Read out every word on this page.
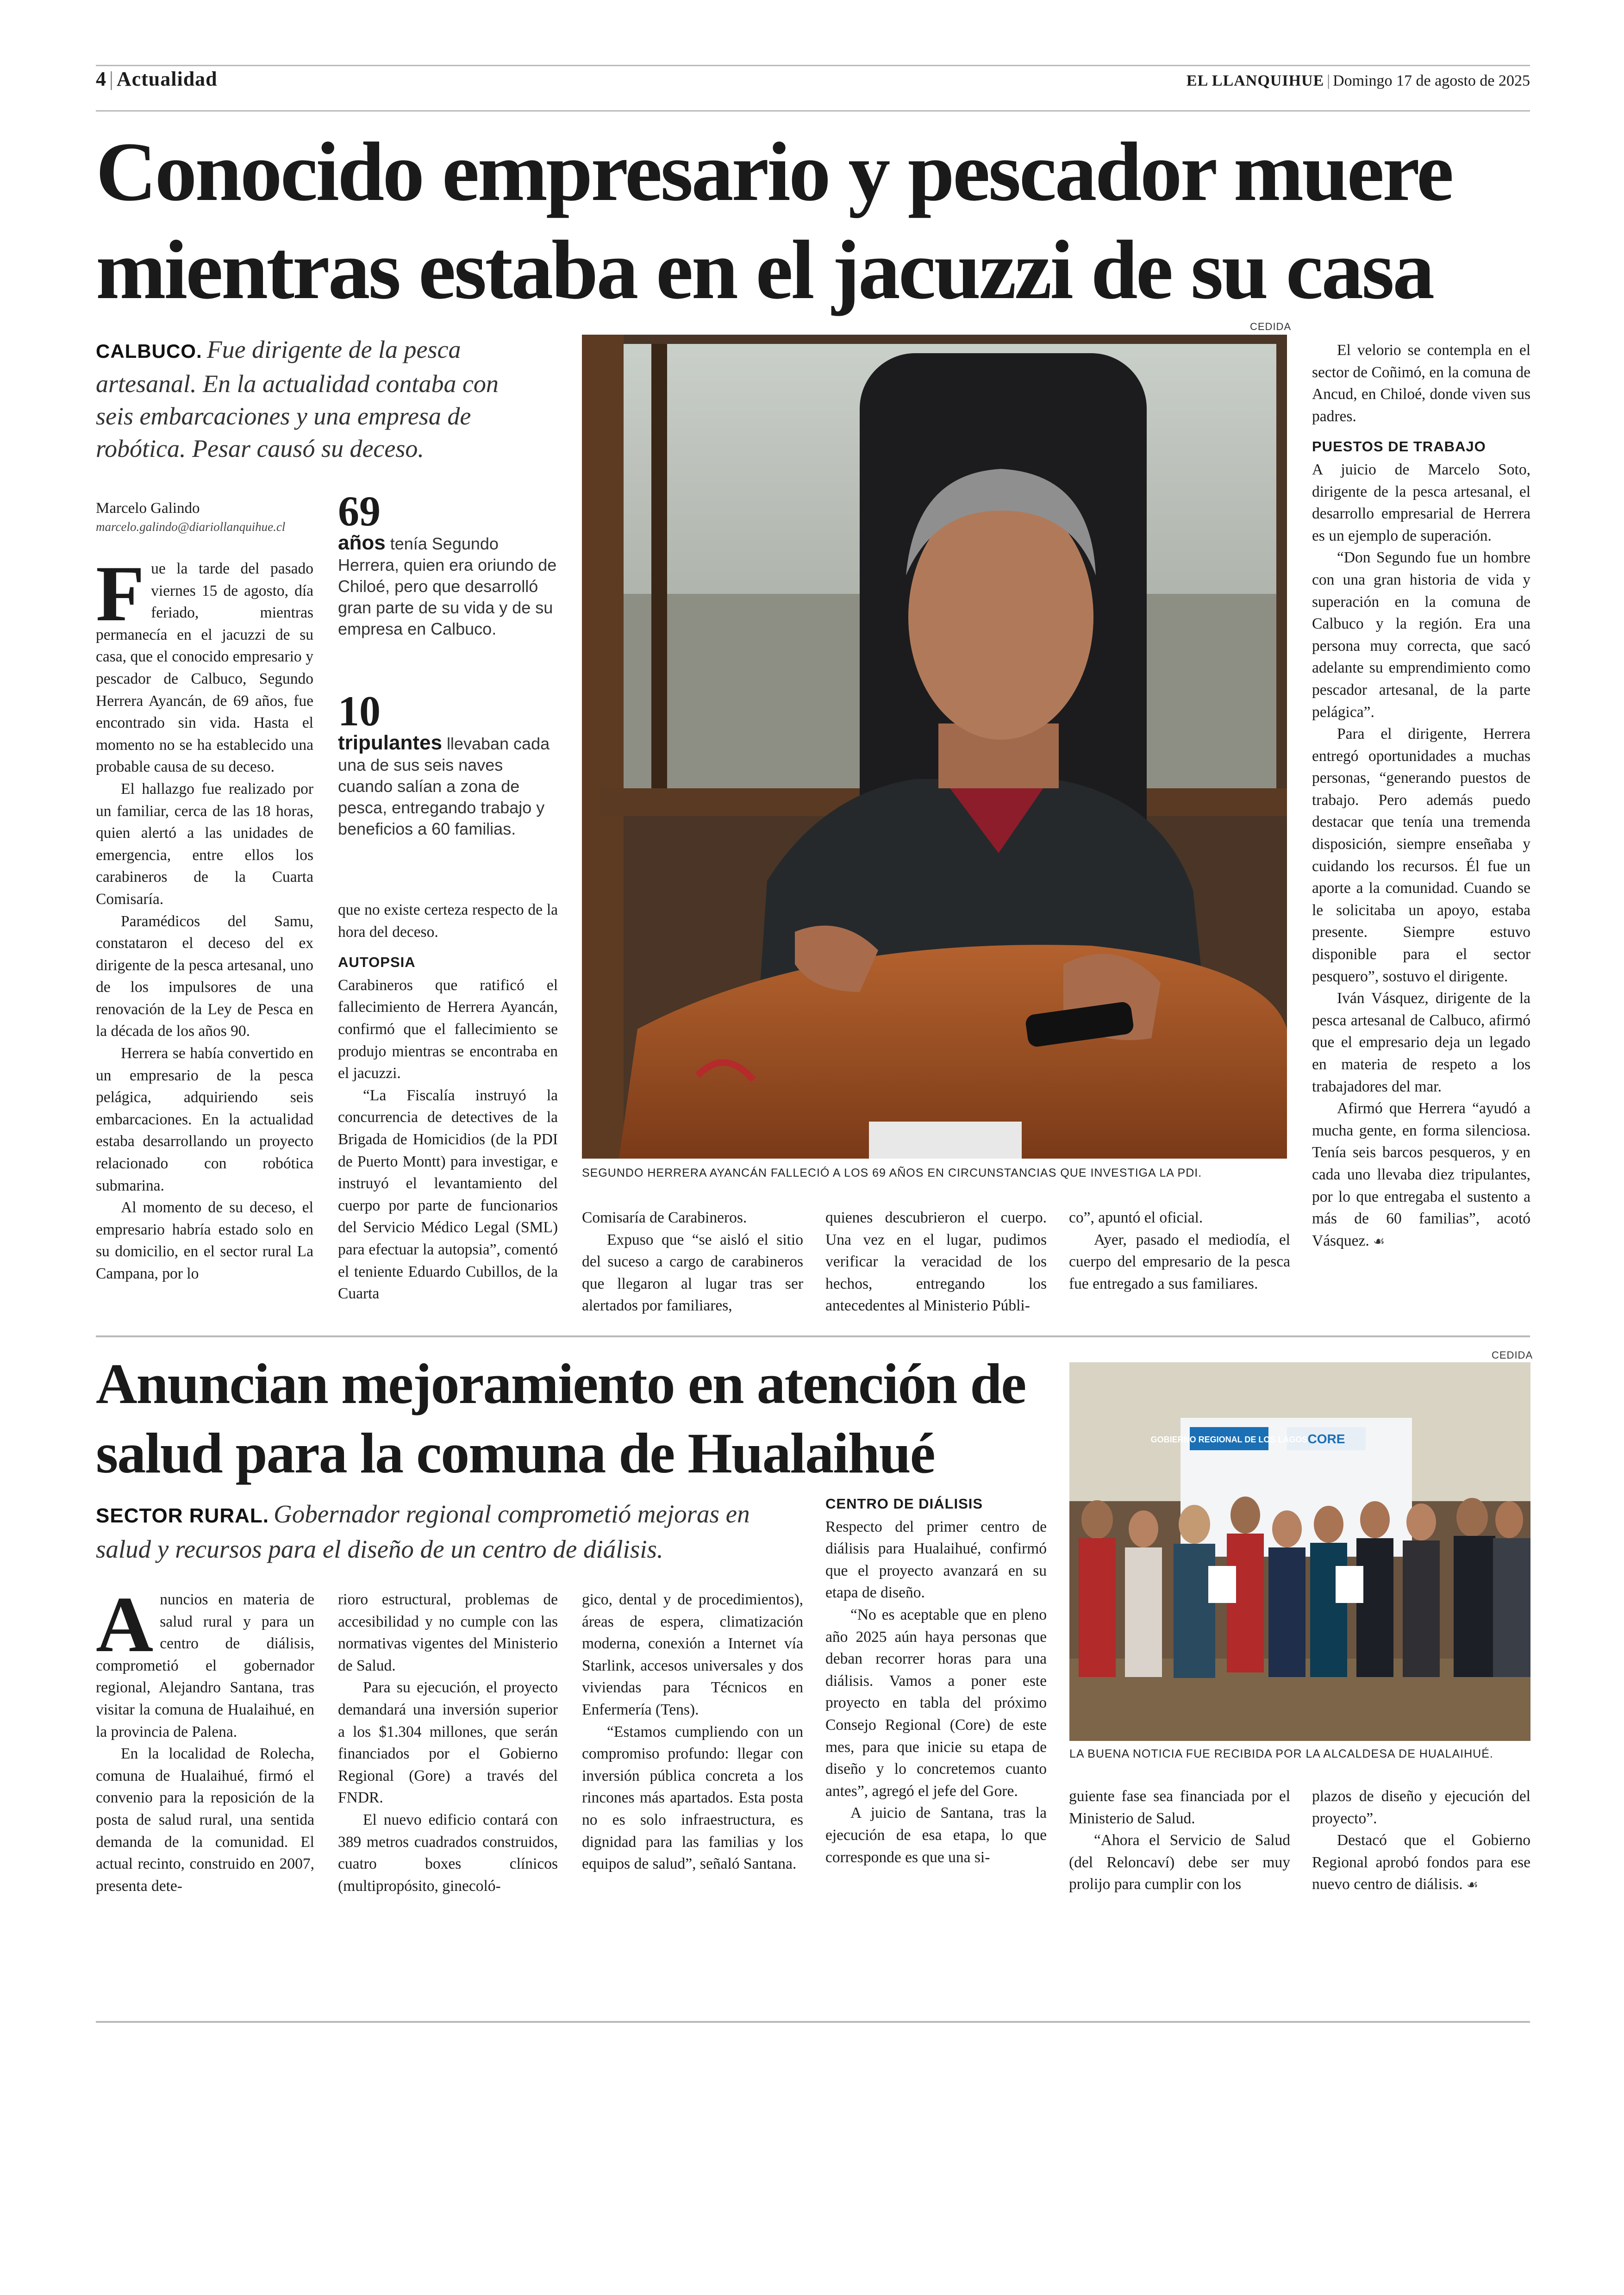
4 | Actualidad	EL LLANQUIHUE | Domingo 17 de agosto de 2025
Conocido empresario y pescador muere mientras estaba en el jacuzzi de su casa
CALBUCO. Fue dirigente de la pesca artesanal. En la actualidad contaba con seis embarcaciones y una empresa de robótica. Pesar causó su deceso.
Marcelo Galindo
marcelo.galindo@diariollanquihue.cl

Fue la tarde del pasado viernes 15 de agosto, día feriado, mientras permanecía en el jacuzzi de su casa, que el conocido empresario y pescador de Calbuco, Segundo Herrera Ayancán, de 69 años, fue encontrado sin vida. Hasta el momento no se ha establecido una probable causa de su deceso.

El hallazgo fue realizado por un familiar, cerca de las 18 horas, quien alertó a las unidades de emergencia, entre ellos los carabineros de la Cuarta Comisaría.

Paramédicos del Samu, constataron el deceso del ex dirigente de la pesca artesanal, uno de los impulsores de una renovación de la Ley de Pesca en la década de los años 90.

Herrera se había convertido en un empresario de la pesca pelágica, adquiriendo seis embarcaciones. En la actualidad estaba desarrollando un proyecto relacionado con robótica submarina.

Al momento de su deceso, el empresario habría estado solo en su domicilio, en el sector rural La Campana, por lo

69
años tenía Segundo Herrera, quien era oriundo de Chiloé, pero que desarrolló gran parte de su vida y de su empresa en Calbuco.
10
tripulantes llevaban cada una de sus seis naves cuando salían a zona de pesca, entregando trabajo y beneficios a 60 familias.

que no existe certeza respecto de la hora del deceso.

AUTOPSIA

Carabineros que ratificó el fallecimiento de Herrera Ayancán, confirmó que el fallecimiento se produjo mientras se encontraba en el jacuzzi.

“La Fiscalía instruyó la concurrencia de detectives de la Brigada de Homicidios (de la PDI de Puerto Montt) para investigar, e instruyó el levantamiento del cuerpo por parte de funcionarios del Servicio Médico Legal (SML) para efectuar la autopsia”, comentó el teniente Eduardo Cubillos, de la Cuarta

CEDIDA
SEGUNDO HERRERA AYANCÁN FALLECIÓ A LOS 69 AÑOS EN CIRCUNSTANCIAS QUE INVESTIGA LA PDI.

Comisaría de Carabineros.

Expuso que “se aisló el sitio del suceso a cargo de carabineros que llegaron al lugar tras ser alertados por familiares,

quienes descubrieron el cuerpo. Una vez en el lugar, pudimos verificar la veracidad de los hechos, entregando los antecedentes al Ministerio Públi-

co”, apuntó el oficial.

Ayer, pasado el mediodía, el cuerpo del empresario de la pesca fue entregado a sus familiares.

El velorio se contempla en el sector de Coñimó, en la comuna de Ancud, en Chiloé, donde viven sus padres.

PUESTOS DE TRABAJO

A juicio de Marcelo Soto, dirigente de la pesca artesanal, el desarrollo empresarial de Herrera es un ejemplo de superación.

“Don Segundo fue un hombre con una gran historia de vida y superación en la comuna de Calbuco y la región. Era una persona muy correcta, que sacó adelante su emprendimiento como pescador artesanal, de la parte pelágica”.

Para el dirigente, Herrera entregó oportunidades a muchas personas, “generando puestos de trabajo. Pero además puedo destacar que tenía una tremenda disposición, siempre enseñaba y cuidando los recursos. Él fue un aporte a la comunidad. Cuando se le solicitaba un apoyo, estaba presente. Siempre estuvo disponible para el sector pesquero”, sostuvo el dirigente.

Iván Vásquez, dirigente de la pesca artesanal de Calbuco, afirmó que el empresario deja un legado en materia de respeto a los trabajadores del mar.

Afirmó que Herrera “ayudó a mucha gente, en forma silenciosa. Tenía seis barcos pesqueros, y en cada uno llevaba diez tripulantes, por lo que entregaba el sustento a más de 60 familias”, acotó Vásquez. ☙

Anuncian mejoramiento en atención de salud para la comuna de Hualaihué
SECTOR RURAL. Gobernador regional comprometió mejoras en salud y recursos para el diseño de un centro de diálisis.

Anuncios en materia de salud rural y para un centro de diálisis, comprometió el gobernador regional, Alejandro Santana, tras visitar la comuna de Hualaihué, en la provincia de Palena.

En la localidad de Rolecha, comuna de Hualaihué, firmó el convenio para la reposición de la posta de salud rural, una sentida demanda de la comunidad. El actual recinto, construido en 2007, presenta dete-

rioro estructural, problemas de accesibilidad y no cumple con las normativas vigentes del Ministerio de Salud.

Para su ejecución, el proyecto demandará una inversión superior a los $1.304 millones, que serán financiados por el Gobierno Regional (Gore) a través del FNDR.

El nuevo edificio contará con 389 metros cuadrados construidos, cuatro boxes clínicos (multipropósito, ginecoló-

gico, dental y de procedimientos), áreas de espera, climatización moderna, conexión a Internet vía Starlink, accesos universales y dos viviendas para Técnicos en Enfermería (Tens).

“Estamos cumpliendo con un compromiso profundo: llegar con inversión pública concreta a los rincones más apartados. Esta posta no es solo infraestructura, es dignidad para las familias y los equipos de salud”, señaló Santana.

CENTRO DE DIÁLISIS

Respecto del primer centro de diálisis para Hualaihué, confirmó que el proyecto avanzará en su etapa de diseño.

“No es aceptable que en pleno año 2025 aún haya personas que deban recorrer horas para una diálisis. Vamos a poner este proyecto en tabla del próximo Consejo Regional (Core) de este mes, para que inicie su etapa de diseño y lo concretemos cuanto antes”, agregó el jefe del Gore.

A juicio de Santana, tras la ejecución de esa etapa, lo que corresponde es que una si-

CEDIDA
GOBIERNO REGIONAL DE LOS LAGOS CORE
LA BUENA NOTICIA FUE RECIBIDA POR LA ALCALDESA DE HUALAIHUÉ.

guiente fase sea financiada por el Ministerio de Salud.

“Ahora el Servicio de Salud (del Reloncaví) debe ser muy prolijo para cumplir con los

plazos de diseño y ejecución del proyecto”.

Destacó que el Gobierno Regional aprobó fondos para ese nuevo centro de diálisis. ☙
